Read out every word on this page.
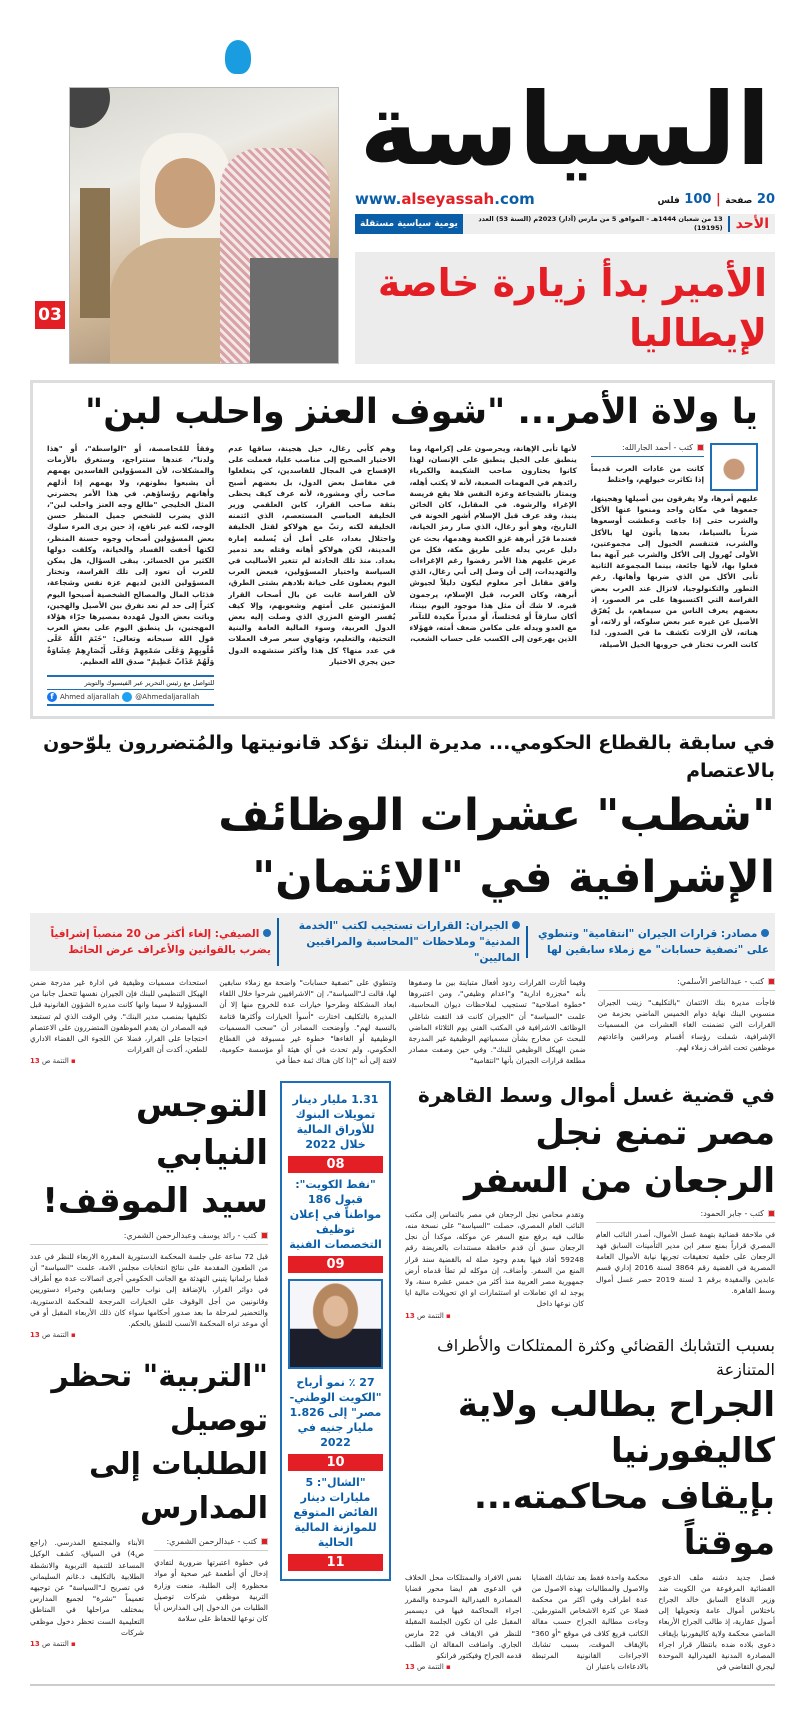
السياسة
20 صفحة | 100 فلس
www.alseyassah.com
الأحد
13 من شعبان 1444هـ - الموافق 5 من مارس (آذار) 2023م (السنة 53) العدد (19195)
يومية سياسية مستقلة
الأمير بدأ زيارة خاصة لإيطاليا
03
يا ولاة الأمر... "شوف العنز واحلب لبن"
كتب - أحمد الجارالله:
كانت من عادات العرب قديماً إذا تكاثرت خيولهم، واختلط
عليهم أمرها، ولا يفرقون بين أصيلها وهجينها، جمعوها في مكان واحد ومنعوا عنها الأكل والشرب حتى إذا جاعت وعطشت أوسعوها ضرباً بالسياط، بعدها يأتون لها بالأكل والشرب، فتنقسم الخيول إلى مجموعتين، الأولى تُهرول إلى الأكل والشرب غير آبهة بما فعلوا بها، لأنها جائعة، بينما المجموعة الثانية تأبى الأكل من الذي ضربها وأهانها. رغم التطور والتكنولوجيا، لاتزال عند العرب بعض الفراسة التي اكتسبوها على مر العصور، إذ بعضهم يعرف الناس من سيماهم، بل يُفرّق الأصيل عن غيره عبر بعض سلوكه، أو زلاته، أو هناته، لأن الزلات تكشف ما في الصدور. لذا كانت العرب تختار في حروبها الخيل الأصيلة،
لأنها تأبى الإهانة، ويحرصون على إكرامها، وما ينطبق على الخيل ينطبق على الإنسان، لهذا كانوا يختارون صاحب الشكيمة والكبرياء رائدهم في المهمات الصعبة، لأنه لا يكتب أهله، ويمتاز بالشجاعة وعزة النفس فلا يقع فريسة الإغراء والرشوة. في المقابل، كان الخائن ينبذ، وقد عرف قبل الإسلام أشهر الخونة في التاريخ، وهو أبو رغال، الذي صار رمز الخيانة، فعندما قرّر أبرهة غزو الكعبة وهدمها، بحث عن دليل عربي يدله على طريق مكة، فكل من عرض عليهم هذا الأمر رفضوا رغم الإغراءات والتهديدات، إلى أن وصل إلى أبي رغال، الذي وافق مقابل أجر معلوم ليكون دليلاً لجيوش أبرهة، وكان العرب، قبل الإسلام، يرجمون قبره. لا شك أن مثل هذا موجود اليوم بيننا، أكان سارقاً أو مُختلساً، أو مدبراً مكيدة للتآمر مع العدو ويدله على مكامن ضعف أمته، فهؤلاء الذين يهرعون إلى الكسب على حساب الشعب،
وهم كأبي رغال، خيل هجينة، ساقها عدم الاختيار الصحيح إلى مناصب عليا، فعملت على الإفساح في المجال للفاسدين، كي يتغلغلوا في مفاصل بعض الدول، بل بعضهم أصبح صاحب رأي ومشورة، لأنه عرف كيف يحظى بثقة صاحب القرار، كابن العلقمي وزير الخليفة العباسي المستعصم، الذي ائتمنه الخليفة لكنه رتبّ مع هولاكو لقتل الخليفة واحتلال بغداد، على أمل أن يُسلمه إمارة المدينة، لكن هولاكو أهانه وقتله بعد تدمير بغداد. منذ تلك الحادثة لم تتغير الأساليب في السياسة واختيار المسؤولين، فبعض العرب اليوم يعملون على خيانة بلادهم بشتى الطرق، لأن الفراسة غابت عن بال أصحاب القرار المؤتمنين على أمتهم وشعوبهم، وإلا كيف يُفسر الوضع المزري الذي وصلت إليه بعض الدول العربية، وسوء المالية العامة والبنية التحتية، والتعليم، وتهاوي سعر صرف العملات في عدد منها؟ كل هذا وأكثر ستشهده الدول حين يجري الاختيار
وفقاً للمُحاصصة، أو "الواسطة"، أو "هذا ولدنا"، عندها ستتراجع، وستغرق بالأزمات والمشكلات، لأن المسؤولين الفاسدين يهمهم أن يشبعوا بطونهم، ولا يهمهم إذا أذلهم وأهانهم رؤساؤهم. في هذا الأمر يحضرني المثل الخليجي "طالع وجه العنز واحلب لبن"، الذي يضرب للشخص جميل المنظر حسن الوجه، لكنه غير نافع، إذ حين يرى المرء سلوك بعض المسؤولين أصحاب وجوه حسنة المنظر، لكنها أخفت الفساد والخيانة، وكلفت دولها الكثير من الخسائر. يبقى السؤال، هل يمكن للعرب أن تعود إلى تلك الفراسة، وتختار المسؤولين الذين لديهم عزة نفس وشجاعة، فذئاب المال والمصالح الشخصية أصبحوا اليوم كثراً إلى حد لم نعد نفرق بين الأصيل والهجين، وباتت بعض الدول مُهددة بمصيرها جرّاء هؤلاء المهجنين، بل ينطبق اليوم على بعض العرب قول الله سبحانه وتعالى: "خَتَمَ اللَّهُ عَلَى قُلُوبِهِمْ وَعَلَى سَمْعِهِمْ وَعَلَى أَبْصَارِهِمْ غِشَاوَةٌ وَلَهُمْ عَذَابٌ عَظِيمٌ" صدق الله العظيم.
للتواصل مع رئيس التحرير عبر الفيسبوك والتويتر
f Ahmed aljarallah @Ahmedaljarallah
في سابقة بالقطاع الحكومي... مديرة البنك تؤكد قانونيتها والمُتضررون يلوّحون بالاعتصام
"شطب" عشرات الوظائف الإشرافية في "الائتمان"
مصادر: قرارات الجيران "انتقامية" وتنطوي على "تصفية حسابات" مع زملاء سابقين لها
الجيران: القرارات تستجيب لكتب "الخدمة المدنية" وملاحظات "المحاسبة والمراقبين الماليين"
الصيفي: إلغاء أكثر من 20 منصباً إشرافياً يضرب بالقوانين والأعراف عرض الحائط
كتب - عبدالناصر الأسلمي:
فاجأت مديرة بنك الائتمان "بالتكليف" زينب الجيران منسوبي البنك نهاية دوام الخميس الماضي بحزمة من القرارات التي تضمنت الغاء العشرات من المسميات الإشرافية، شملت رؤساء أقسام ومراقبين واعادتهم موظفين تحت اشراف زملاء لهم.
وفيما أثارت القرارات ردود أفعال متباينة بين ما وصفوها بأنه "مجزرة ادارية" و"اعدام وظيفي"، ومن اعتبروها "خطوة اصلاحية" تستجيب لملاحظات ديوان المحاسبة، علمت "السياسة" أن "الجيران كانت قد التقت شاغلي الوظائف الاشرافية في المكتب الفني يوم الثلاثاء الماضي للبحث عن مخارج بشأن مسمياتهم الوظيفية غير المدرجة ضمن الهيكل الوظيفي للبنك". وفي حين وصفت مصادر مطلعة قرارات الجيران بأنها "انتقامية"
وتنطوي على "تصفية حسابات" واضحة مع زملاء سابقين لها، قالت لـ"السياسة"، إن "الاشرافيين شرحوا خلال اللقاء ابعاد المشكلة وطرحوا خيارات عدة للخروج منها إلا أن المديرة بالتكليف اختارت "أسوأ الخيارات وأكثرها قتامة بالنسبة لهم". وأوضحت المصادر أن "سحب المسميات الوظيفية أو الغاءها" خطوة غير مسبوقة في القطاع الحكومي، ولم تحدث في أي هيئة أو مؤسسة حكومية، لافتة إلى أنه "إذا كان هناك ثمة خطأ في
استحداث مسميات وظيفية في ادارة غير مدرجة ضمن الهيكل التنظيمي للبنك فإن الجيران نفسها تتحمل جانبا من المسؤولية لا سيما وانها كانت مديرة الشؤون القانونية قبل تكليفها بمنصب مدير البنك". وفي الوقت الذي لم تستبعد فيه المصادر ان يقدم الموظفون المتضررون على الاعتصام احتجاجا على القرار، فضلا عن اللجوء الى القضاء الاداري للطعن، أكدت أن القرارات
▪ التتمة ص 13
في قضية غسل أموال وسط القاهرة
مصر تمنع نجل الرجعان من السفر
كتب - جابر الحمود:
في ملاحقة قضائية بتهمة غسل الأموال، أصدر النائب العام المصري قراراً بمنع سفر ابن مدير التأمينات السابق فهد الرجعان على خلفية تحقيقات تجريها نيابة الأموال العامة المصرية في القضية رقم 3864 لسنة 2016 إداري قسم عابدين والمقيدة برقم 1 لسنة 2019 حصر غسل أموال وسط القاهرة.
وتقدم محامي نجل الرجعان في مصر بالتماس إلى مكتب النائب العام المصري، حصلت "السياسة" على نسخة منه، طالب فيه برفع منع السفر عن موكله، موكدا أن نجل الرجعان سبق أن قدم حافظة مستندات بالعريضة رقم 59248 أفاد فيها بعدم وجود صلة له بالقضية سند قرار المنع من السفر. وأضاف، إن موكله لم تطأ قدماه أرض جمهورية مصر العربية منذ أكثر من خمس عشرة سنة، ولا يوجد له اي تعاملات او استثمارات او اي تحويلات مالية ايا كان نوعها داخل
▪ التتمة ص 13
بسبب التشابك القضائي وكثرة الممتلكات والأطراف المتنازعة
الجراح يطالب ولاية كاليفورنيا
بإيقاف محاكمته... موقتاً
فصل جديد دشنه ملف الدعوى القضائية المرفوعة من الكويت ضد وزير الدفاع السابق خالد الجراح باختلاس أموال عامة وتحويلها إلى أصول عقارية، إذ طالب الجراح الأربعاء الماضي محكمة ولاية كاليفورنيا بإيقاف دعوى بلاده ضده بانتظار قرار اجراء المصادرة المدنية الفيدرالية الموحدة ليجري التقاضي في
محكمة واحدة فقط بعد تشابك القضايا والاصول والمطالبات بهذه الاصول من عدة اطراف وفي اكثر من محكمة فضلا عن كثرة الاشخاص المتورطين. وجاءت مطالبة الجراح حسب مقالة الكاتب فريغ كلاف في موقع "أو 360" بالإيقاف الموقت، بسبب تشابك الاجراءات القانونية المرتبطة بالادعاءات باعتبار ان
نفس الافراد والممتلكات محل الخلاف في الدعوى هم ايضا محور قضايا المصادرة الفيدرالية الموحدة والمقرر اجراء المحاكمة فيها في ديسمبر المقبل على ان تكون الجلسة المقبلة للنظر في الايقاف في 22 مارس الجاري. واضافت المقالة ان الطلب قدمه الجراح وفيكتور فرانكو
▪ التتمة ص 13
1.31 مليار دينار تمويلات البنوك للأوراق المالية خلال 2022
08
"نفط الكويت": قبول 186 مواطناً في إعلان توظيف التخصصات الفنية
09
27 ٪ نمو أرباح "الكويت الوطني- مصر" إلى 1.826 مليار جنيه في 2022
10
"الشال": 5 مليارات دينار الفائض المتوقع للموازنة المالية الحالية
11
التوجس النيابي
سيد الموقف!
كتب - رائد يوسف وعبدالرحمن الشمري:
قبل 72 ساعة على جلسة المحكمة الدستورية المقررة الاربعاء للنظر في عدد من الطعون المقدمة على نتائج انتخابات مجلس الامة، علمت "السياسة" أن قطبا برلمانيا يتبنى التهدئة مع الجانب الحكومي أجرى اتصالات عدة مع أطراف في دوائر القرار، بالإضافة إلى نواب حاليين وسابقين وخبراء دستوريين وقانونيين من أجل الوقوف على الخيارات المرجحة للمحكمة الدستورية، والتحضير لمرحلة ما بعد صدور أحكامها سواء كان ذلك الأربعاء المقبل أو في أي موعد تراه المحكمة الأنسب للنطق بالحكم.
▪ التتمة ص 13
"التربية" تحظر توصيل
الطلبات إلى المدارس
كتب - عبدالرحمن الشمري:
في خطوة اعتبرتها ضرورية لتفادي إدخال أي أطعمة غير صحية أو مواد محظورة إلى الطلبة، منعت وزارة التربية موظفي شركات توصيل الطلبات من الدخول إلى المدارس أيا كان نوعها للحفاظ على سلامة
الأبناء والمجتمع المدرسي. (راجع ص4) في السياق، كشف الوكيل المساعد للتنمية التربوية والانشطة الطلابية بالتكليف د.غانم السليماني في تصريح لـ"السياسة" عن توجيهه تعميماً "نشرة" لجميع المدارس بمختلف مراحلها في المناطق التعليمية الست تحظر دخول موظفي شركات
▪ التتمة ص 13
